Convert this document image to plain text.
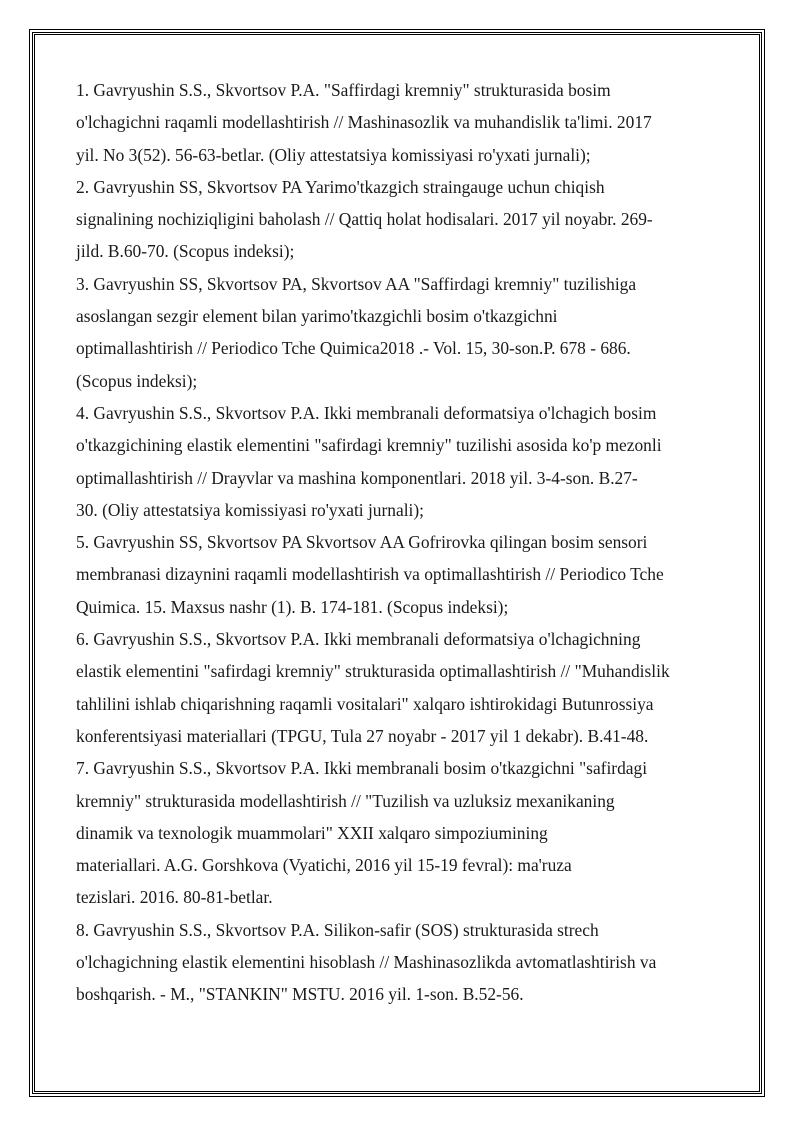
1. Gavryushin S.S., Skvortsov P.A. "Saffirdagi kremniy" strukturasida bosim
o'lchagichni raqamli modellashtirish // Mashinasozlik va muhandislik ta'limi. 2017
yil. No 3(52). 56-63-betlar. (Oliy attestatsiya komissiyasi ro'yxati jurnali);
2. Gavryushin SS, Skvortsov PA Yarimo'tkazgich straingauge uchun chiqish
signalining nochiziqligini baholash // Qattiq holat hodisalari. 2017 yil noyabr. 269-
jild. B.60-70. (Scopus indeksi);
3. Gavryushin SS, Skvortsov PA, Skvortsov AA "Saffirdagi kremniy" tuzilishiga
asoslangan sezgir element bilan yarimo'tkazgichli bosim o'tkazgichni
optimallashtirish // Periodico Tche Quimica2018 .- Vol. 15, 30-son.P. 678 - 686.
(Scopus indeksi);
4. Gavryushin S.S., Skvortsov P.A. Ikki membranali deformatsiya o'lchagich bosim
o'tkazgichining elastik elementini "safirdagi kremniy" tuzilishi asosida ko'p mezonli
optimallashtirish // Drayvlar va mashina komponentlari. 2018 yil. 3-4-son. B.27-
30. (Oliy attestatsiya komissiyasi ro'yxati jurnali);
5. Gavryushin SS, Skvortsov PA Skvortsov AA Gofrirovka qilingan bosim sensori
membranasi dizaynini raqamli modellashtirish va optimallashtirish // Periodico Tche
Quimica. 15. Maxsus nashr (1). B. 174-181. (Scopus indeksi);
6. Gavryushin S.S., Skvortsov P.A. Ikki membranali deformatsiya o'lchagichning
elastik elementini "safirdagi kremniy" strukturasida optimallashtirish // "Muhandislik
tahlilini ishlab chiqarishning raqamli vositalari" xalqaro ishtirokidagi Butunrossiya
konferentsiyasi materiallari (TPGU, Tula 27 noyabr - 2017 yil 1 dekabr). B.41-48.
7. Gavryushin S.S., Skvortsov P.A. Ikki membranali bosim o'tkazgichni "safirdagi
kremniy" strukturasida modellashtirish // "Tuzilish va uzluksiz mexanikaning
dinamik va texnologik muammolari" XXII xalqaro simpoziumining
materiallari. A.G. Gorshkova (Vyatichi, 2016 yil 15-19 fevral): ma'ruza
tezislari. 2016. 80-81-betlar.
8. Gavryushin S.S., Skvortsov P.A. Silikon-safir (SOS) strukturasida strech
o'lchagichning elastik elementini hisoblash // Mashinasozlikda avtomatlashtirish va
boshqarish. - M., "STANKIN" MSTU. 2016 yil. 1-son. B.52-56.
